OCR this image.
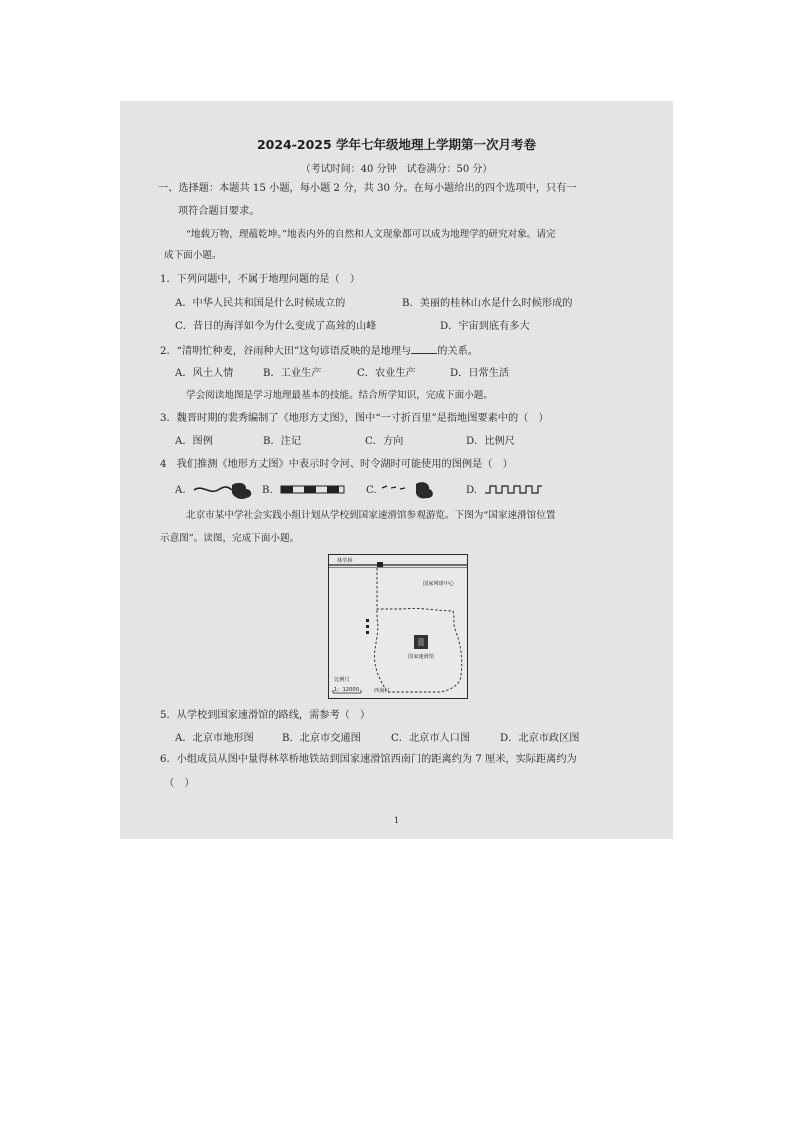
2024-2025 学年七年级地理上学期第一次月考卷
（考试时间：40 分钟　试卷满分：50 分）
一、选择题：本题共 15 小题，每小题 2 分，共 30 分。在每小题给出的四个选项中，只有一
项符合题目要求。
“地载万物，理蕴乾坤。”地表内外的自然和人文现象都可以成为地理学的研究对象。请完
成下面小题。
1．下列问题中，不属于地理问题的是（　）
A．中华人民共和国是什么时候成立的	B．美丽的桂林山水是什么时候形成的
C．昔日的海洋如今为什么变成了高耸的山峰	D．宇宙到底有多大
2．“清明忙种麦，谷雨种大田”这句谚语反映的是地理与	的关系。
A．风土人情	B．工业生产	C．农业生产	D．日常生活
学会阅读地图是学习地理最基本的技能。结合所学知识，完成下面小题。
3．魏晋时期的裴秀编制了《地形方丈图》，图中“一寸折百里”是指地图要素中的（　）
A．图例	B．注记	C．方向	D．比例尺
4　我们推测《地形方丈图》中表示时令河、时令湖时可能使用的图例是（　）
A.	B.	C.	D.
北京市某中学社会实践小组计划从学校到国家速滑馆参观游览。下图为“国家速滑馆位置
示意图”。读图，完成下面小题。
林萃桥
国家网球中心
国家速滑馆
西南门
比例尺
1：12000
5．从学校到国家速滑馆的路线，需参考（　）
A．北京市地形图	B．北京市交通图	C．北京市人口图	D．北京市政区图
6．小组成员从图中量得林萃桥地铁站到国家速滑馆西南门的距离约为 7 厘米，实际距离约为
（　）
1
